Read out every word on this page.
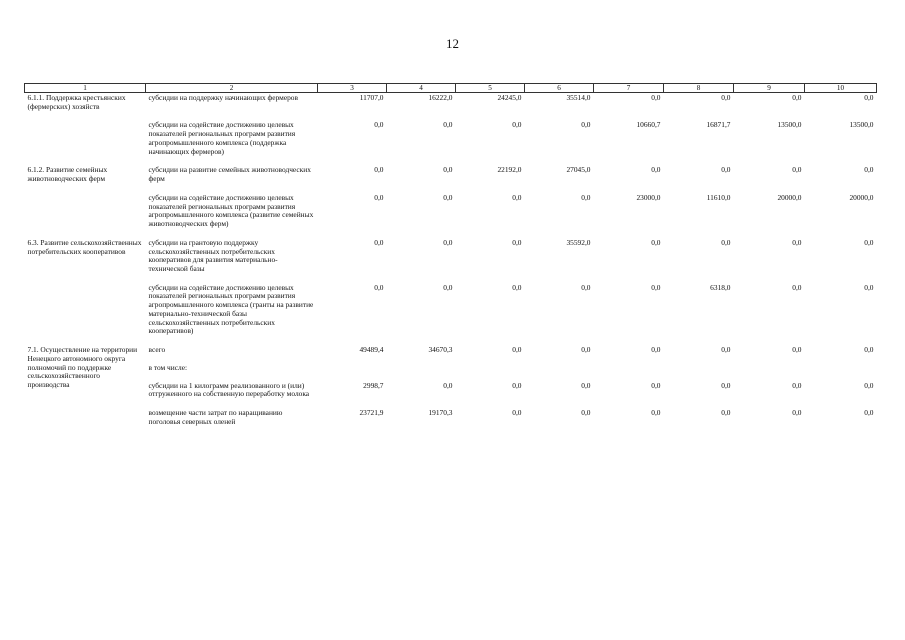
12
1	2	3	4	5	6	7	8	9	10
6.1.1. Поддержка крестьянских (фермерских) хозяйств	субсидии на поддержку начинающих фермеров	11707,0	16222,0	24245,0	35514,0	0,0	0,0	0,0	0,0
	субсидии на содействие достижению целевых показателей региональных программ развития агропромышленного комплекса (поддержка начинающих фермеров)	0,0	0,0	0,0	0,0	10660,7	16871,7	13500,0	13500,0
6.1.2. Развитие семейных животноводческих ферм	субсидии на развитие семейных животноводческих ферм	0,0	0,0	22192,0	27045,0	0,0	0,0	0,0	0,0
	субсидии на содействие достижению целевых показателей региональных программ развития агропромышленного комплекса (развитие семейных животноводческих ферм)	0,0	0,0	0,0	0,0	23000,0	11610,0	20000,0	20000,0
6.3. Развитие сельскохозяйственных потребительских кооперативов	субсидии на грантовую поддержку сельскохозяйственных потребительских кооперативов для развития материально-технической базы	0,0	0,0	0,0	35592,0	0,0	0,0	0,0	0,0
	субсидии на содействие достижению целевых показателей региональных программ развития агропромышленного комплекса (гранты на развитие материально-технической базы сельскохозяйственных потребительских кооперативов)	0,0	0,0	0,0	0,0	0,0	6318,0	0,0	0,0
7.1. Осуществление на территории Ненецкого автономного округа полномочий по поддержке сельскохозяйственного производства	всего	49489,4	34670,3	0,0	0,0	0,0	0,0	0,0	0,0
	в том числе:								
	субсидии на 1 килограмм реализованного и (или) отгруженного на собственную переработку молока	2998,7	0,0	0,0	0,0	0,0	0,0	0,0	0,0
	возмещение части затрат по наращиванию поголовья северных оленей	23721,9	19170,3	0,0	0,0	0,0	0,0	0,0	0,0
